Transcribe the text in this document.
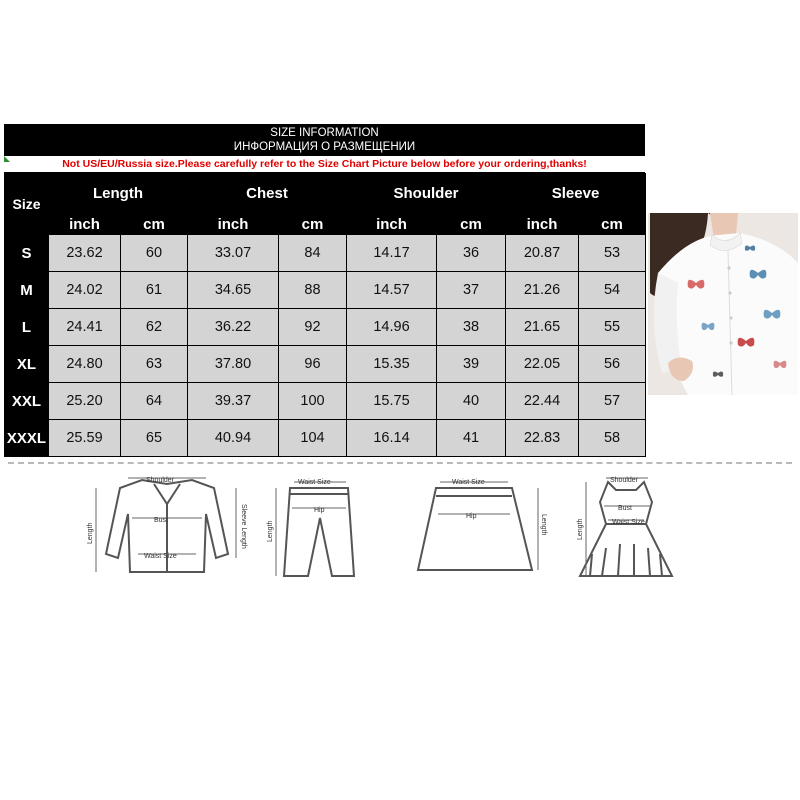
SIZE INFORMATION
ИНФОРМАЦИЯ О РАЗМЕЩЕНИИ
Not US/EU/Russia size.Please carefully refer to the Size Chart Picture below before your ordering,thanks!
Size	Length		Chest		Shoulder		Sleeve	
	inch	cm	inch	cm	inch	cm	inch	cm
S	23.62	60	33.07	84	14.17	36	20.87	53
M	24.02	61	34.65	88	14.57	37	21.26	54
L	24.41	62	36.22	92	14.96	38	21.65	55
XL	24.80	63	37.80	96	15.35	39	22.05	56
XXL	25.20	64	39.37	100	15.75	40	22.44	57
XXXL	25.59	65	40.94	104	16.14	41	22.83	58
Shoulder
Bust
Waist Size
Length	Sleeve Length
Waist Size
Hip
Length
Waist Size
Hip	Length
Shoulder
Bust
Waist Size
Length
